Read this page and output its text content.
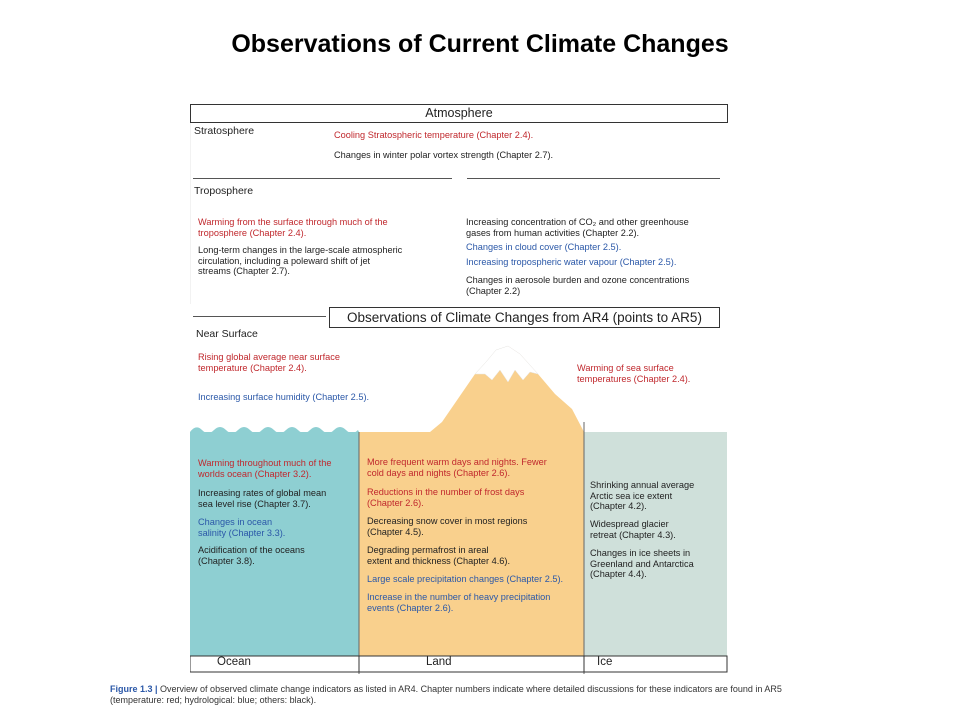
Observations of Current Climate Changes
Atmosphere
Stratosphere	Cooling Stratospheric temperature (Chapter 2.4).
Changes in winter polar vortex strength (Chapter 2.7).
Troposphere
Warming from the surface through much of the
troposphere (Chapter 2.4).
Long-term changes in the large-scale atmospheric
circulation, including a poleward shift of jet
streams (Chapter 2.7).
Increasing concentration of CO₂ and other greenhouse
gases from human activities (Chapter 2.2).
Changes in cloud cover (Chapter 2.5).
Increasing tropospheric water vapour (Chapter 2.5).
Changes in aerosole burden and ozone concentrations
(Chapter 2.2)
Observations of Climate Changes from AR4 (points to AR5)
Near Surface
Rising global average near surface
temperature (Chapter 2.4).
Increasing surface humidity (Chapter 2.5).
Warming of sea surface
temperatures (Chapter 2.4).
Warming throughout much of the
worlds ocean (Chapter 3.2).
Increasing rates of global mean
sea level rise (Chapter 3.7).
Changes in ocean
salinity (Chapter 3.3).
Acidification of the oceans
(Chapter 3.8).
More frequent warm days and nights. Fewer
cold days and nights (Chapter 2.6).
Reductions in the number of frost days
(Chapter 2.6).
Decreasing snow cover in most regions
(Chapter 4.5).
Degrading permafrost in areal
extent and thickness (Chapter 4.6).
Large scale precipitation changes (Chapter 2.5).
Increase in the number of heavy precipitation
events (Chapter 2.6).
Shrinking annual average
Arctic sea ice extent
(Chapter 4.2).
Widespread glacier
retreat (Chapter 4.3).
Changes in ice sheets in
Greenland and Antarctica
(Chapter 4.4).
Ocean	Land	Ice
Figure 1.3 | Overview of observed climate change indicators as listed in AR4. Chapter numbers indicate where detailed discussions for these indicators are found in AR5 (temperature: red; hydrological: blue; others: black).
